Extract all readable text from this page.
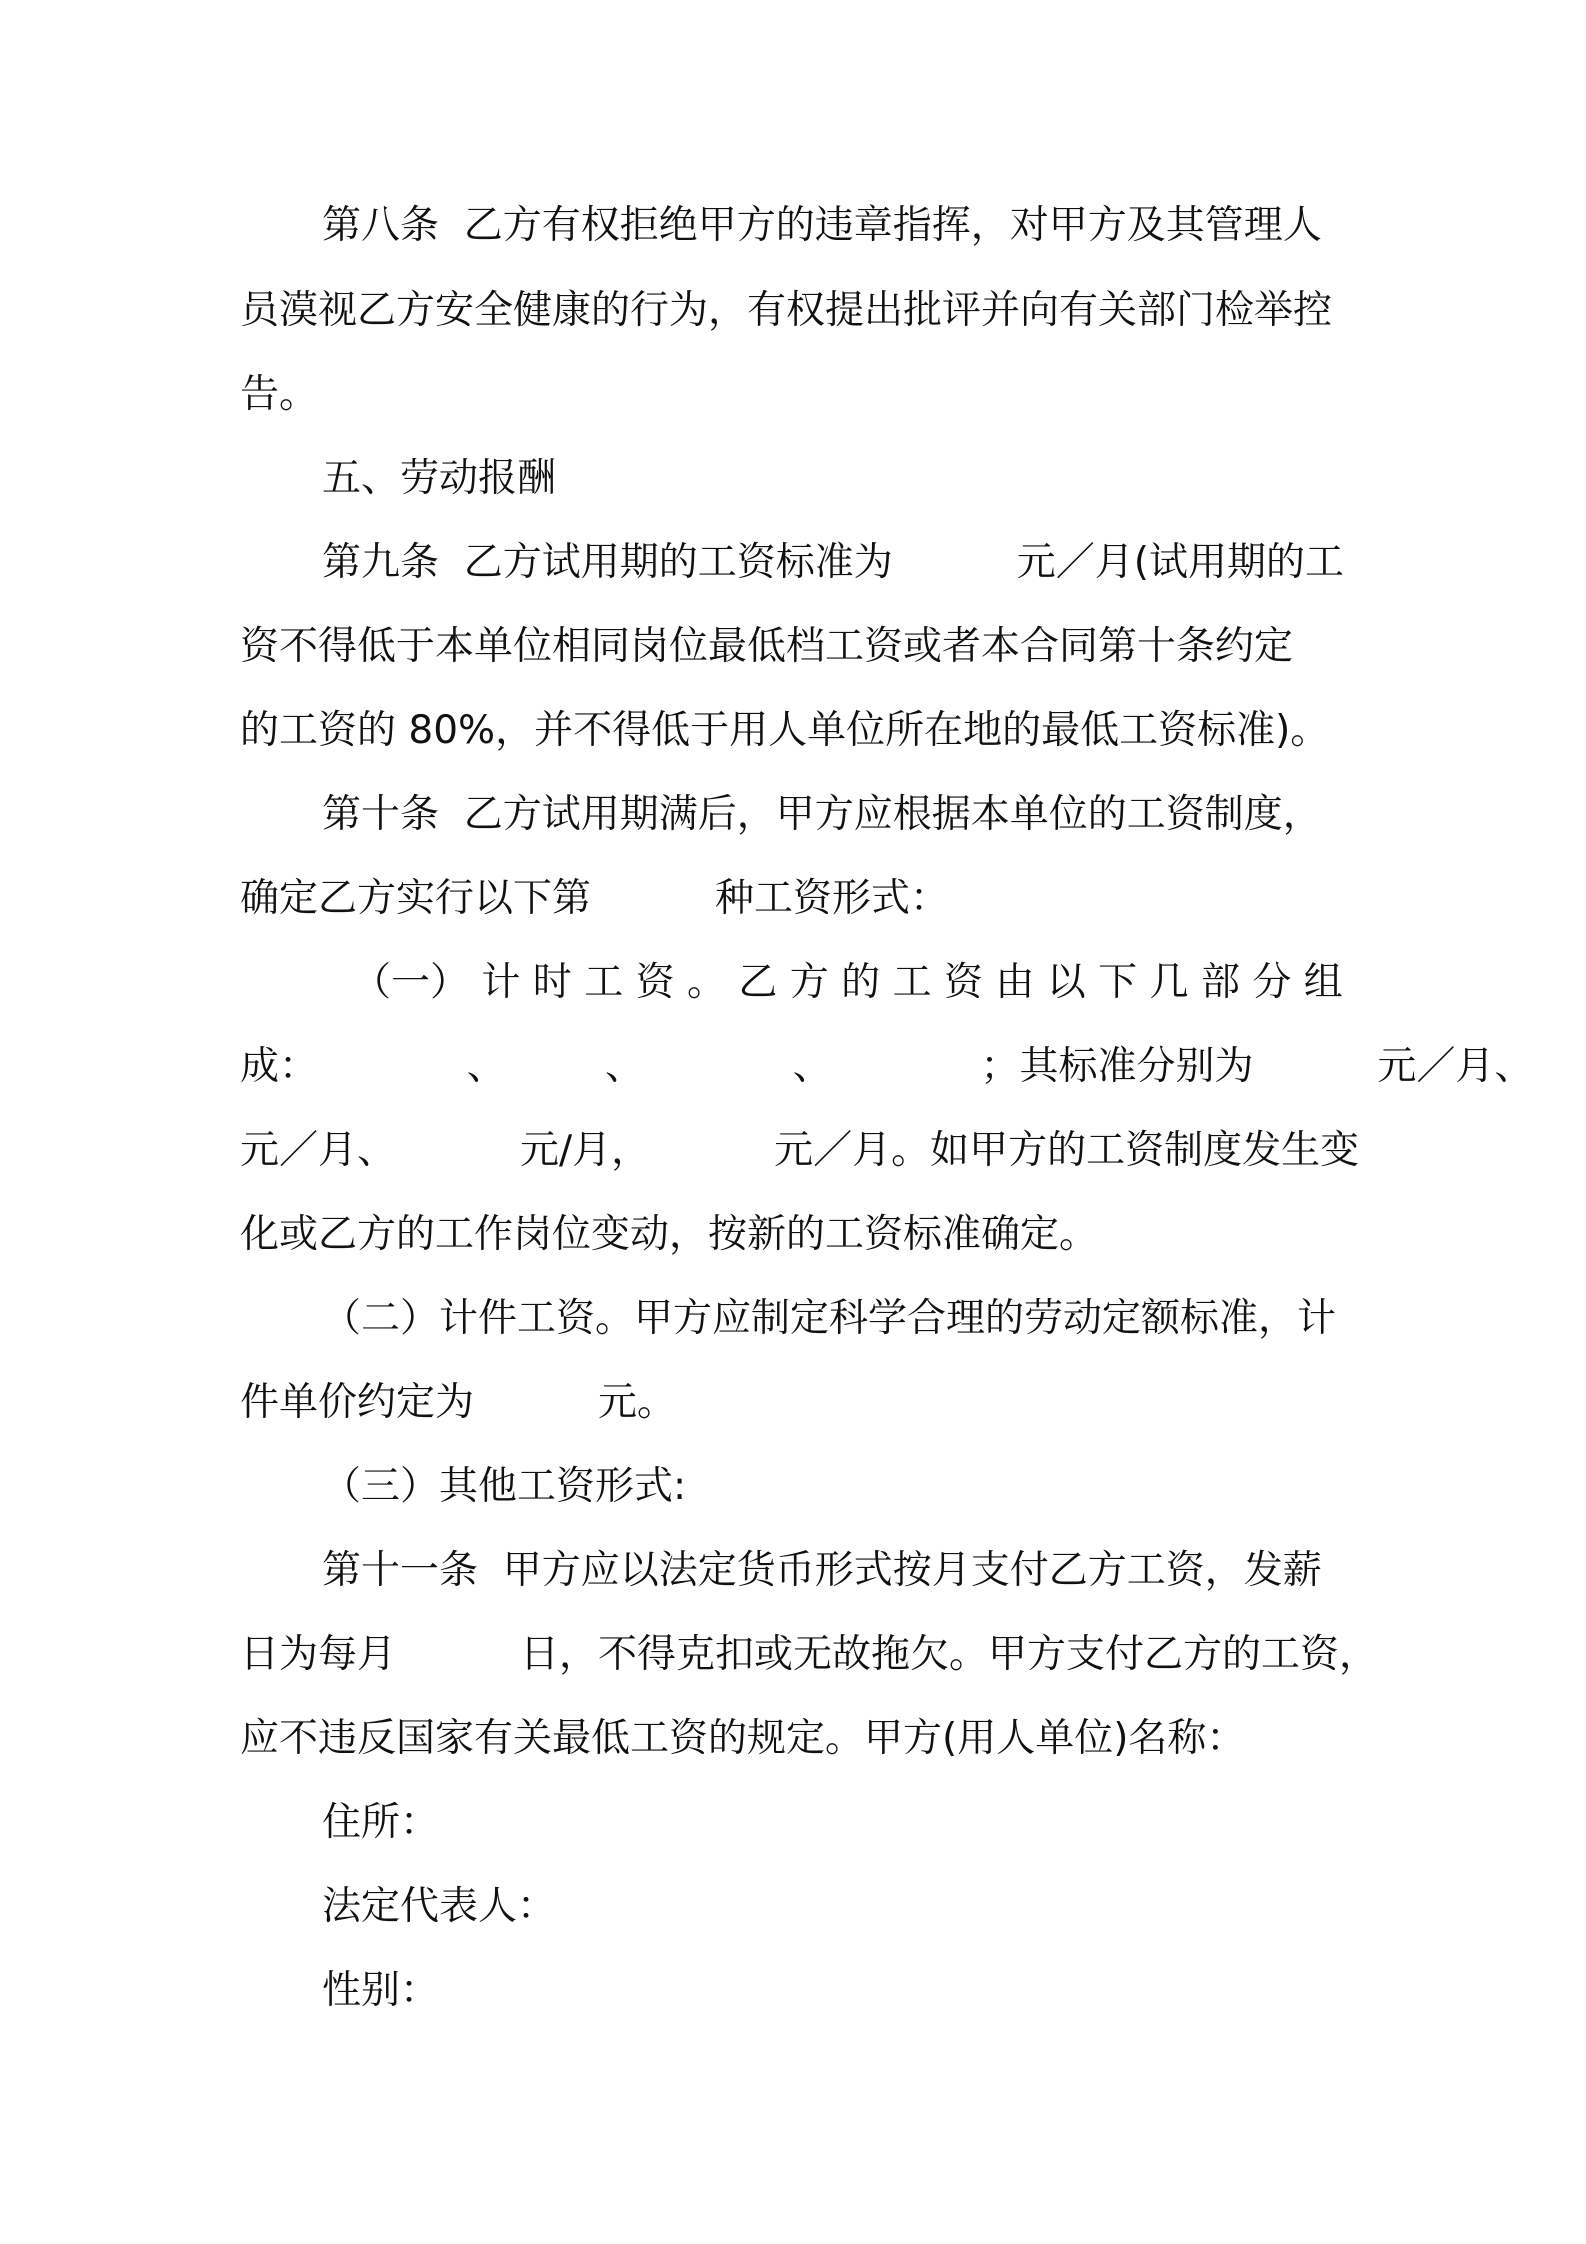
第八条  乙方有权拒绝甲方的违章指挥，对甲方及其管理人
员漠视乙方安全健康的行为，有权提出批评并向有关部门检举控
告。
五、劳动报酬
第九条  乙方试用期的工资标准为          元／月(试用期的工
资不得低于本单位相同岗位最低档工资或者本合同第十条约定
的工资的 80%，并不得低于用人单位所在地的最低工资标准)。
第十条  乙方试用期满后，甲方应根据本单位的工资制度，
确定乙方实行以下第          种工资形式：
（一） 计 时 工 资 。 乙 方 的 工 资 由 以 下 几 部 分 组
成：            、        、            、            ；其标准分别为          元／月、
元／月、          元/月，          元／月。如甲方的工资制度发生变
化或乙方的工作岗位变动，按新的工资标准确定。
（二）计件工资。甲方应制定科学合理的劳动定额标准，计
件单价约定为          元。
（三）其他工资形式:
第十一条  甲方应以法定货币形式按月支付乙方工资，发薪
日为每月          日，不得克扣或无故拖欠。甲方支付乙方的工资，
应不违反国家有关最低工资的规定。甲方(用人单位)名称：
住所：
法定代表人：
性别：
